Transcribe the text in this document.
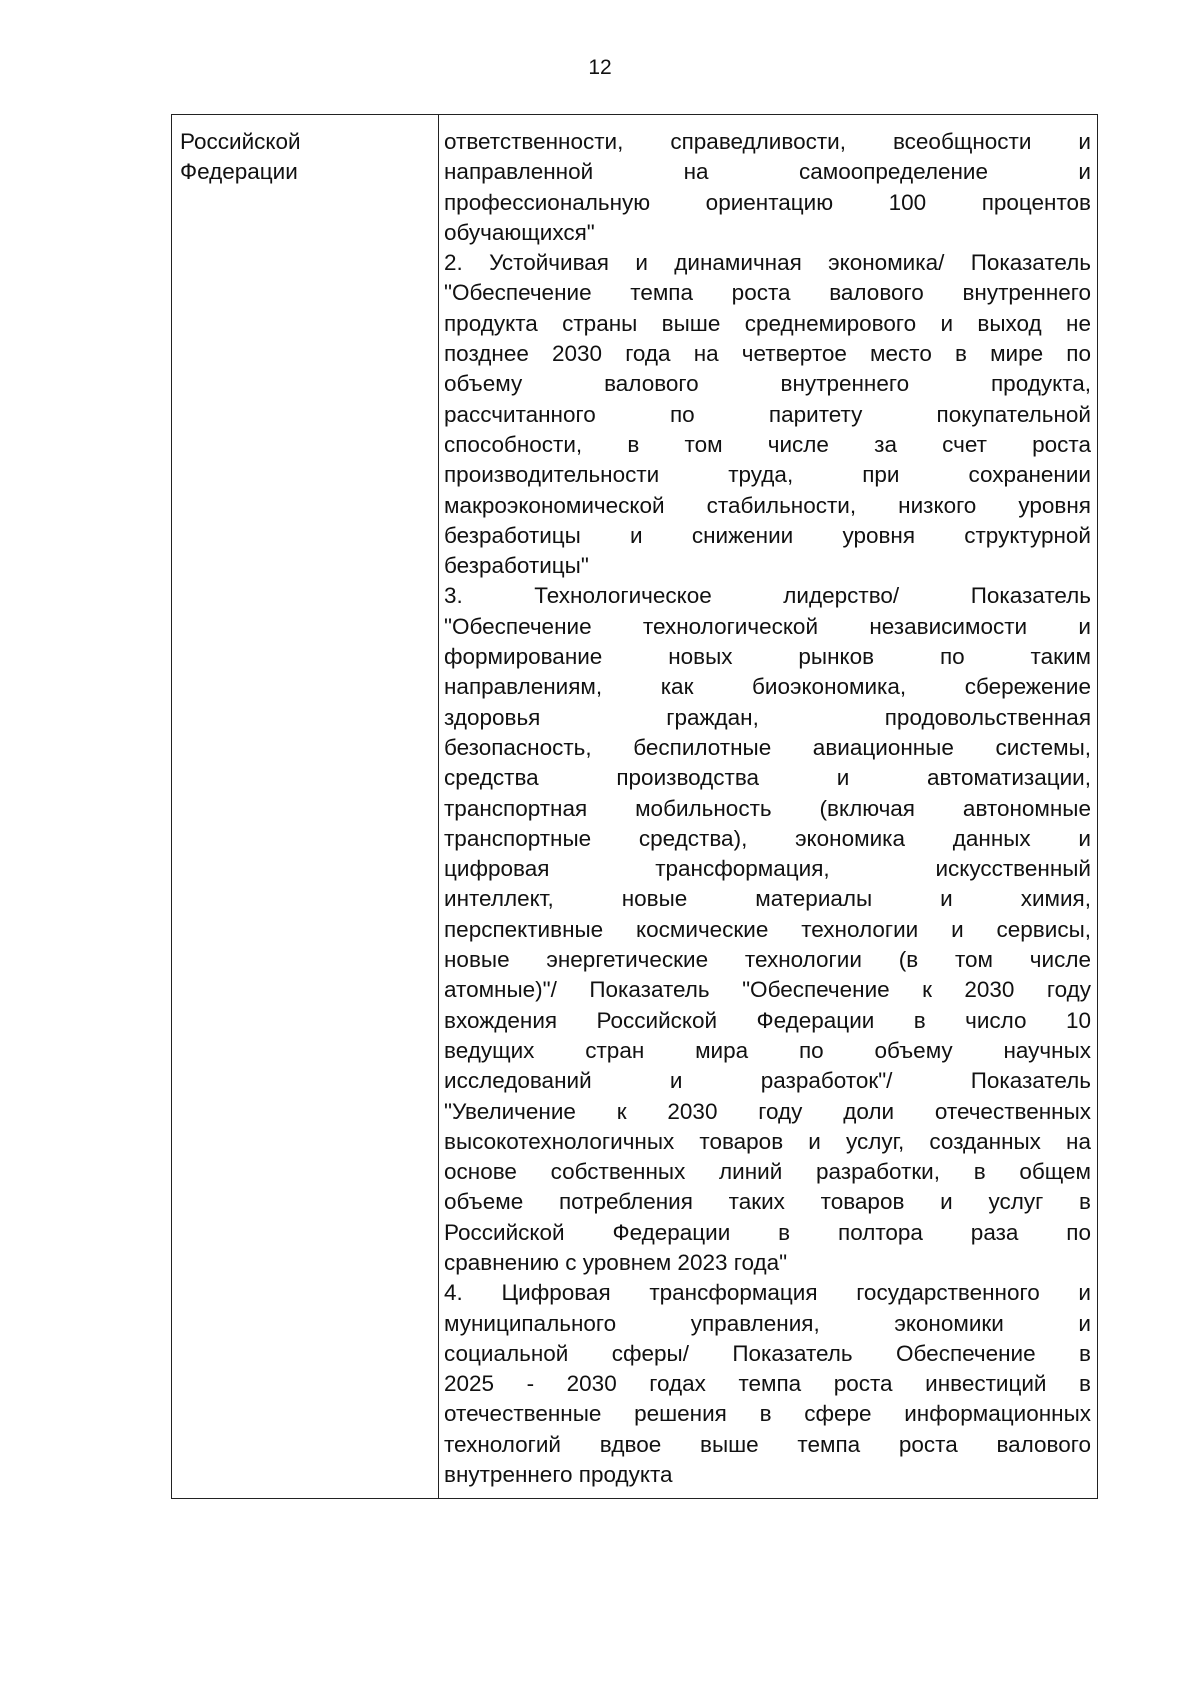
12
Российской
Федерации
ответственности, справедливости, всеобщности и
направленной на самоопределение и
профессиональную ориентацию 100 процентов
обучающихся"
2. Устойчивая и динамичная экономика/ Показатель
"Обеспечение темпа роста валового внутреннего
продукта страны выше среднемирового и выход не
позднее 2030 года на четвертое место в мире по
объему валового внутреннего продукта,
рассчитанного по паритету покупательной
способности, в том числе за счет роста
производительности труда, при сохранении
макроэкономической стабильности, низкого уровня
безработицы и снижении уровня структурной
безработицы"
3. Технологическое лидерство/ Показатель
"Обеспечение технологической независимости и
формирование новых рынков по таким
направлениям, как биоэкономика, сбережение
здоровья граждан, продовольственная
безопасность, беспилотные авиационные системы,
средства производства и автоматизации,
транспортная мобильность (включая автономные
транспортные средства), экономика данных и
цифровая трансформация, искусственный
интеллект, новые материалы и химия,
перспективные космические технологии и сервисы,
новые энергетические технологии (в том числе
атомные)"/ Показатель "Обеспечение к 2030 году
вхождения Российской Федерации в число 10
ведущих стран мира по объему научных
исследований и разработок"/ Показатель
"Увеличение к 2030 году доли отечественных
высокотехнологичных товаров и услуг, созданных на
основе собственных линий разработки, в общем
объеме потребления таких товаров и услуг в
Российской Федерации в полтора раза по
сравнению с уровнем 2023 года"
4. Цифровая трансформация государственного и
муниципального управления, экономики и
социальной сферы/ Показатель Обеспечение в
2025 - 2030 годах темпа роста инвестиций в
отечественные решения в сфере информационных
технологий вдвое выше темпа роста валового
внутреннего продукта
